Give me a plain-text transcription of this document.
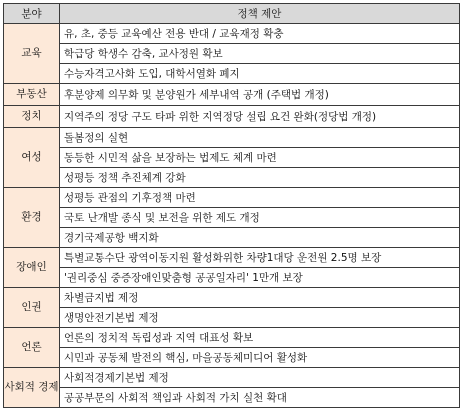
분야	정책 제안
교육	유, 초, 중등 교육예산 전용 반대 / 교육재정 확충
	학급당 학생수 감축, 교사정원 확보
	수능자격고사화 도입, 대학서열화 폐지
부동산	후분양제 의무화 및 분양원가 세부내역 공개 (주택법 개정)
정치	지역주의 정당 구도 타파 위한 지역정당 설립 요건 완화(정당법 개정)
여성	돌봄정의 실현
	동등한 시민적 삶을 보장하는 법제도 체계 마련
	성평등 정책 추진체계 강화
환경	성평등 관점의 기후정책 마련
	국토 난개발 종식 및 보전을 위한 제도 개정
	경기국제공항 백지화
장애인	특별교통수단 광역이동지원 활성화위한 차량1대당 운전원 2.5명 보장
	'권리중심 중증장애인맞춤형 공공일자리' 1만개 보장
인권	차별금지법 제정
	생명안전기본법 제정
언론	언론의 정치적 독립성과 지역 대표성 확보
	시민과 공동체 발전의 핵심, 마을공동체미디어 활성화
사회적 경제	사회적경제기본법 제정
	공공부문의 사회적 책임과 사회적 가치 실천 확대
